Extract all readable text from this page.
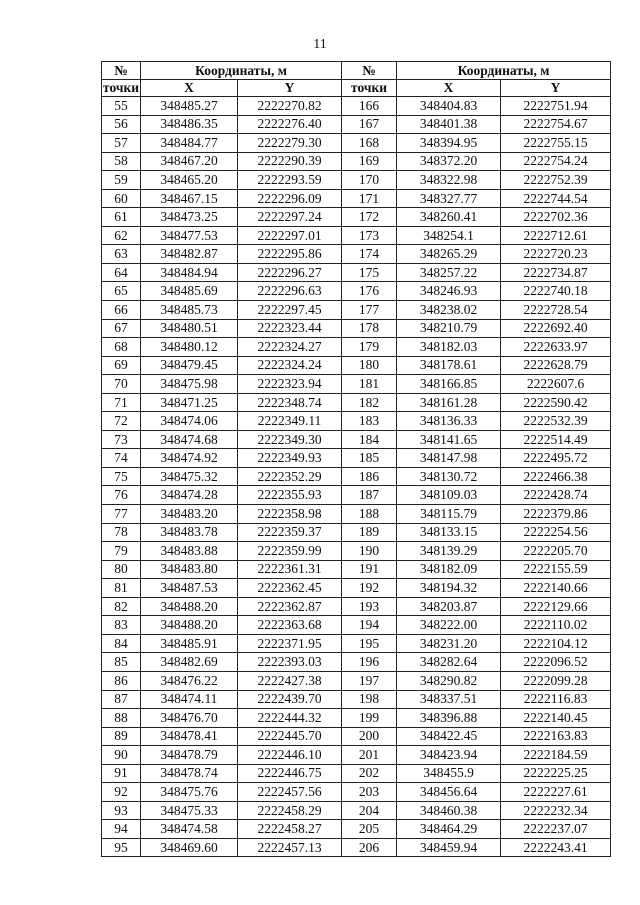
11
№	Координаты, м		№	Координаты, м	
точки	X	Y	точки	X	Y
55	348485.27	2222270.82	166	348404.83	2222751.94
56	348486.35	2222276.40	167	348401.38	2222754.67
57	348484.77	2222279.30	168	348394.95	2222755.15
58	348467.20	2222290.39	169	348372.20	2222754.24
59	348465.20	2222293.59	170	348322.98	2222752.39
60	348467.15	2222296.09	171	348327.77	2222744.54
61	348473.25	2222297.24	172	348260.41	2222702.36
62	348477.53	2222297.01	173	348254.1	2222712.61
63	348482.87	2222295.86	174	348265.29	2222720.23
64	348484.94	2222296.27	175	348257.22	2222734.87
65	348485.69	2222296.63	176	348246.93	2222740.18
66	348485.73	2222297.45	177	348238.02	2222728.54
67	348480.51	2222323.44	178	348210.79	2222692.40
68	348480.12	2222324.27	179	348182.03	2222633.97
69	348479.45	2222324.24	180	348178.61	2222628.79
70	348475.98	2222323.94	181	348166.85	2222607.6
71	348471.25	2222348.74	182	348161.28	2222590.42
72	348474.06	2222349.11	183	348136.33	2222532.39
73	348474.68	2222349.30	184	348141.65	2222514.49
74	348474.92	2222349.93	185	348147.98	2222495.72
75	348475.32	2222352.29	186	348130.72	2222466.38
76	348474.28	2222355.93	187	348109.03	2222428.74
77	348483.20	2222358.98	188	348115.79	2222379.86
78	348483.78	2222359.37	189	348133.15	2222254.56
79	348483.88	2222359.99	190	348139.29	2222205.70
80	348483.80	2222361.31	191	348182.09	2222155.59
81	348487.53	2222362.45	192	348194.32	2222140.66
82	348488.20	2222362.87	193	348203.87	2222129.66
83	348488.20	2222363.68	194	348222.00	2222110.02
84	348485.91	2222371.95	195	348231.20	2222104.12
85	348482.69	2222393.03	196	348282.64	2222096.52
86	348476.22	2222427.38	197	348290.82	2222099.28
87	348474.11	2222439.70	198	348337.51	2222116.83
88	348476.70	2222444.32	199	348396.88	2222140.45
89	348478.41	2222445.70	200	348422.45	2222163.83
90	348478.79	2222446.10	201	348423.94	2222184.59
91	348478.74	2222446.75	202	348455.9	2222225.25
92	348475.76	2222457.56	203	348456.64	2222227.61
93	348475.33	2222458.29	204	348460.38	2222232.34
94	348474.58	2222458.27	205	348464.29	2222237.07
95	348469.60	2222457.13	206	348459.94	2222243.41
